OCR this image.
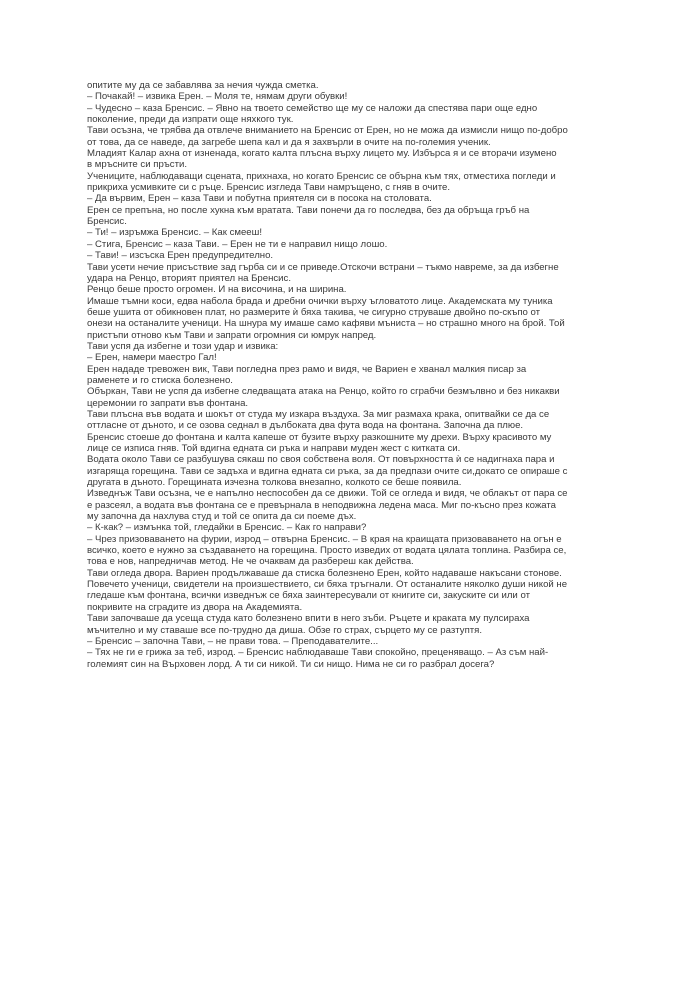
опитите му да се забавлява за нечия чужда сметка.
– Почакай! – извика Ерен. – Моля те, нямам други обувки!
– Чудесно – каза Бренсис. – Явно на твоето семейство ще му се наложи да спестява пари още едно
поколение, преди да изпрати още няхкого тук.
Тави осъзна, че трябва да отвлече вниманието на Бренсис от Ерен, но не можа да измисли нищо по-добро
от това, да се наведе, да загребе шепа кал и да я захвърли в очите на по-големия ученик.
Младият Калар ахна от изненада, когато калта плъсна върху лицето му. Избърса я и се вторачи изумено
в мръсните си пръсти.
Учениците, наблюдаващи сцената, прихнаха, но когато Бренсис се обърна към тях, отместиха погледи и
прикриха усмивките си с ръце. Бренсис изгледа Тави намръщено, с гняв в очите.
– Да вървим, Ерен – каза Тави и побутна приятеля си в посока на столовата.
Ерен се препъна, но после хукна към вратата. Тави понечи да го последва, без да обръща гръб на
Бренсис.
– Ти! – изръмжа Бренсис. – Как смееш!
– Стига, Бренсис – каза Тави. – Ерен не ти е направил нищо лошо.
– Тави! – изсъска Ерен предупредително.
Тави усети нечие присъствие зад гърба си и се приведе.Отскочи встрани – тъкмо навреме, за да избегне
удара на Ренцо, вторият приятел на Бренсис.
Ренцо беше просто огромен. И на височина, и на ширина.
Имаше тъмни коси, едва набола брада и дребни очички върху ъгловатото лице. Академската му туника
беше ушита от обикновен плат, но размерите ѝ бяха такива, че сигурно струваше двойно по-скъпо от
онези на останалите ученици. На шнура му имаше само кафяви мъниста – но страшно много на брой. Той
пристъпи отново към Тави и запрати огромния си юмрук напред.
Тави успя да избегне и този удар и извика:
– Ерен, намери маестро Гал!
Ерен нададе тревожен вик, Тави погледна през рамо и видя, че Вариен е хванал малкия писар за
раменете и го стиска болезнено.
Объркан, Тави не успя да избегне следващата атака на Ренцо, който го сграбчи безмълвно и без никакви
церемонии го запрати във фонтана.
Тави плъсна във водата и шокът от студа му изкара въздуха. За миг размаха крака, опитвайки се да се
оттласне от дъното, и се озова седнал в дълбоката два фута вода на фонтана. Започна да плюе.
Бренсис стоеше до фонтана и калта капеше от бузите върху разкошните му дрехи. Върху красивото му
лице се изписа гняв. Той вдигна едната си ръка и направи муден жест с китката си.
Водата около Тави се разбушува сякаш по своя собствена воля. От повърхността ѝ се надигнаха пара и
изгаряща горещина. Тави се задъха и вдигна едната си ръка, за да предпази очите си,докато се опираше с
другата в дъното. Горещината изчезна толкова внезапно, колкото се беше появила.
Изведнъж Тави осъзна, че е напълно неспособен да се движи. Той се огледа и видя, че облакът от пара се
е разсеял, а водата във фонтана се е превърнала в неподвижна ледена маса. Миг по-късно през кожата
му започна да нахлува студ и той се опита да си поеме дъх.
– К-как? – измънка той, гледайки в Бренсис. – Как го направи?
– Чрез призоваването на фурии, изрод – отвърна Бренсис. – В края на краищата призоваването на огън е
всичко, което е нужно за създаването на горещина. Просто изведих от водата цялата топлина. Разбира се,
това е нов, напредничав метод. Не че очаквам да разбереш как действа.
Тави огледа двора. Вариен продължаваше да стиска болезнено Ерен, който надаваше накъсани стонове.
Повечето ученици, свидетели на произшествието, си бяха тръгнали. От останалите няколко души никой не
гледаше към фонтана, всички изведнъж се бяха заинтересували от книгите си, закуските си или от
покривите на сградите из двора на Академията.
Тави започваше да усеща студа като болезнено впити в него зъби. Ръцете и краката му пулсираха
мъчително и му ставаше все по-трудно да диша. Обзе го страх, сърцето му се разтуптя.
– Бренсис – започна Тави, – не прави това. – Преподавателите...
– Тях не ги е грижа за теб, изрод. – Бренсис наблюдаваше Тави спокойно, преценяващо. – Аз съм най-
големият син на Върховен лорд. А ти си никой. Ти си нищо. Нима не си го разбрал досега?
